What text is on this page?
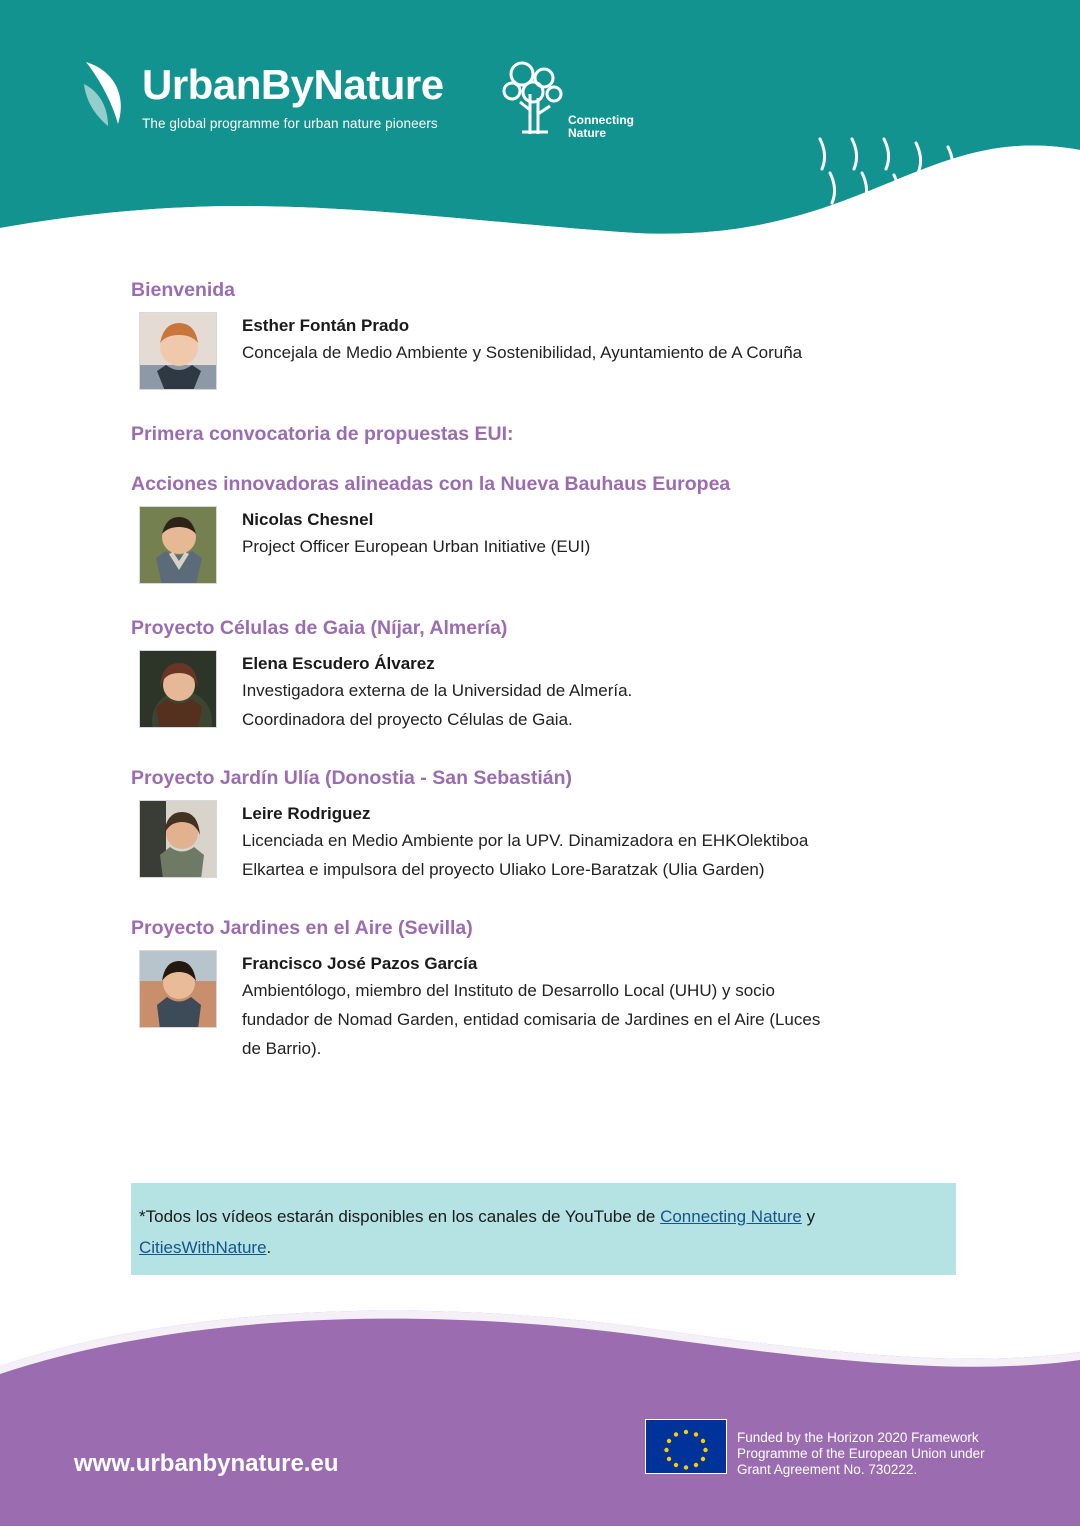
UrbanByNature
The global programme for urban nature pioneers	Connecting
Nature
Bienvenida
Esther Fontán Prado
Concejala de Medio Ambiente y Sostenibilidad, Ayuntamiento de A Coruña
Primera convocatoria de propuestas EUI:
Acciones innovadoras alineadas con la Nueva Bauhaus Europea
Nicolas Chesnel
Project Officer European Urban Initiative (EUI)
Proyecto Células de Gaia (Níjar, Almería)
Elena Escudero Álvarez
Investigadora externa de la Universidad de Almería.
Coordinadora del proyecto Células de Gaia.
Proyecto Jardín Ulía (Donostia - San Sebastián)
Leire Rodriguez
Licenciada en Medio Ambiente por la UPV. Dinamizadora en EHKOlektiboa
Elkartea e impulsora del proyecto Uliako Lore-Baratzak (Ulia Garden)
Proyecto Jardines en el Aire (Sevilla)
Francisco José Pazos García
Ambientólogo, miembro del Instituto de Desarrollo Local (UHU) y socio
fundador de Nomad Garden, entidad comisaria de Jardines en el Aire (Luces
de Barrio).
*Todos los vídeos estarán disponibles en los canales de YouTube de Connecting Nature y CitiesWithNature.
www.urbanbynature.eu
Funded by the Horizon 2020 Framework
Programme of the European Union under
Grant Agreement No. 730222.
